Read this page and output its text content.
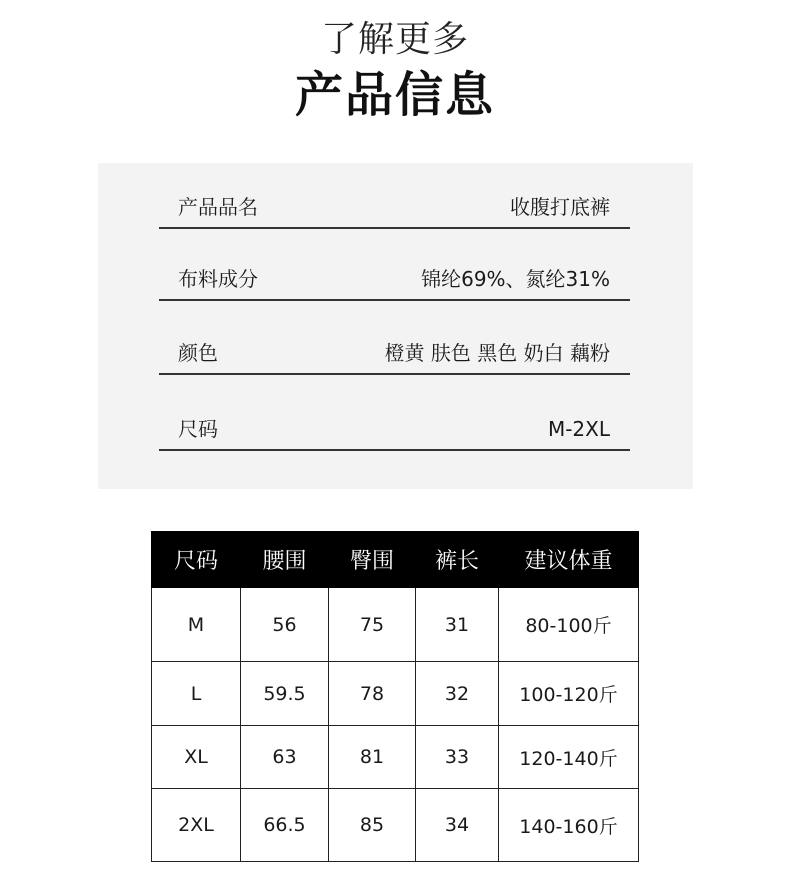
了解更多
产品信息
产品品名	收腹打底裤
布料成分	锦纶69%、氮纶31%
颜色	橙黄 肤色 黑色 奶白 藕粉
尺码	M-2XL
尺码	腰围	臀围	裤长	建议体重
M	56	75	31	80-100斤
L	59.5	78	32	100-120斤
XL	63	81	33	120-140斤
2XL	66.5	85	34	140-160斤
